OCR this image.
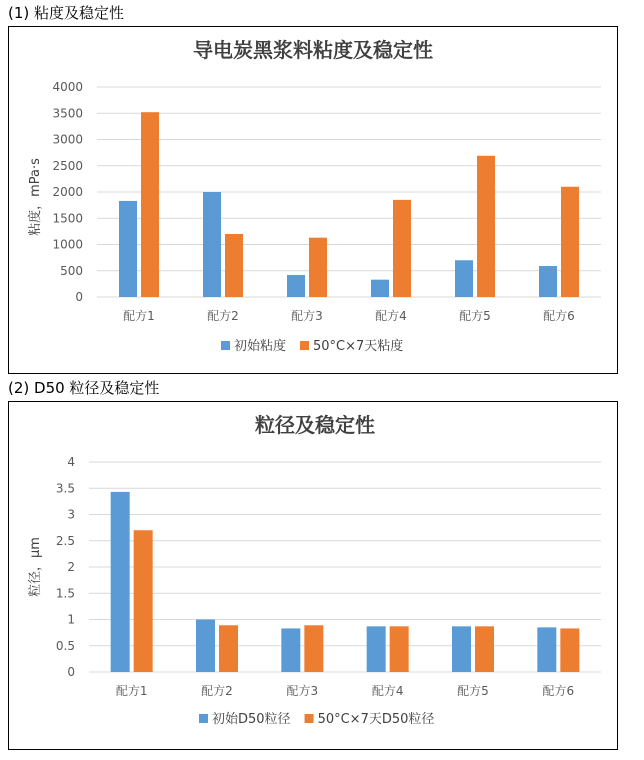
(1) 粘度及稳定性
导电炭黑浆料粘度及稳定性
0
500
1000
1500
2000
2500
3000
3500
4000
配方1	配方2	配方3	配方4	配方5	配方6
粘度，mPa·s
初始粘度 50°C×7天粘度
(2) D50 粒径及稳定性
粒径及稳定性
0
0.5
1
1.5
2
2.5
3
3.5
4
配方1	配方2	配方3	配方4	配方5	配方6
粒径，μm
初始D50粒径 50°C×7天D50粒径
